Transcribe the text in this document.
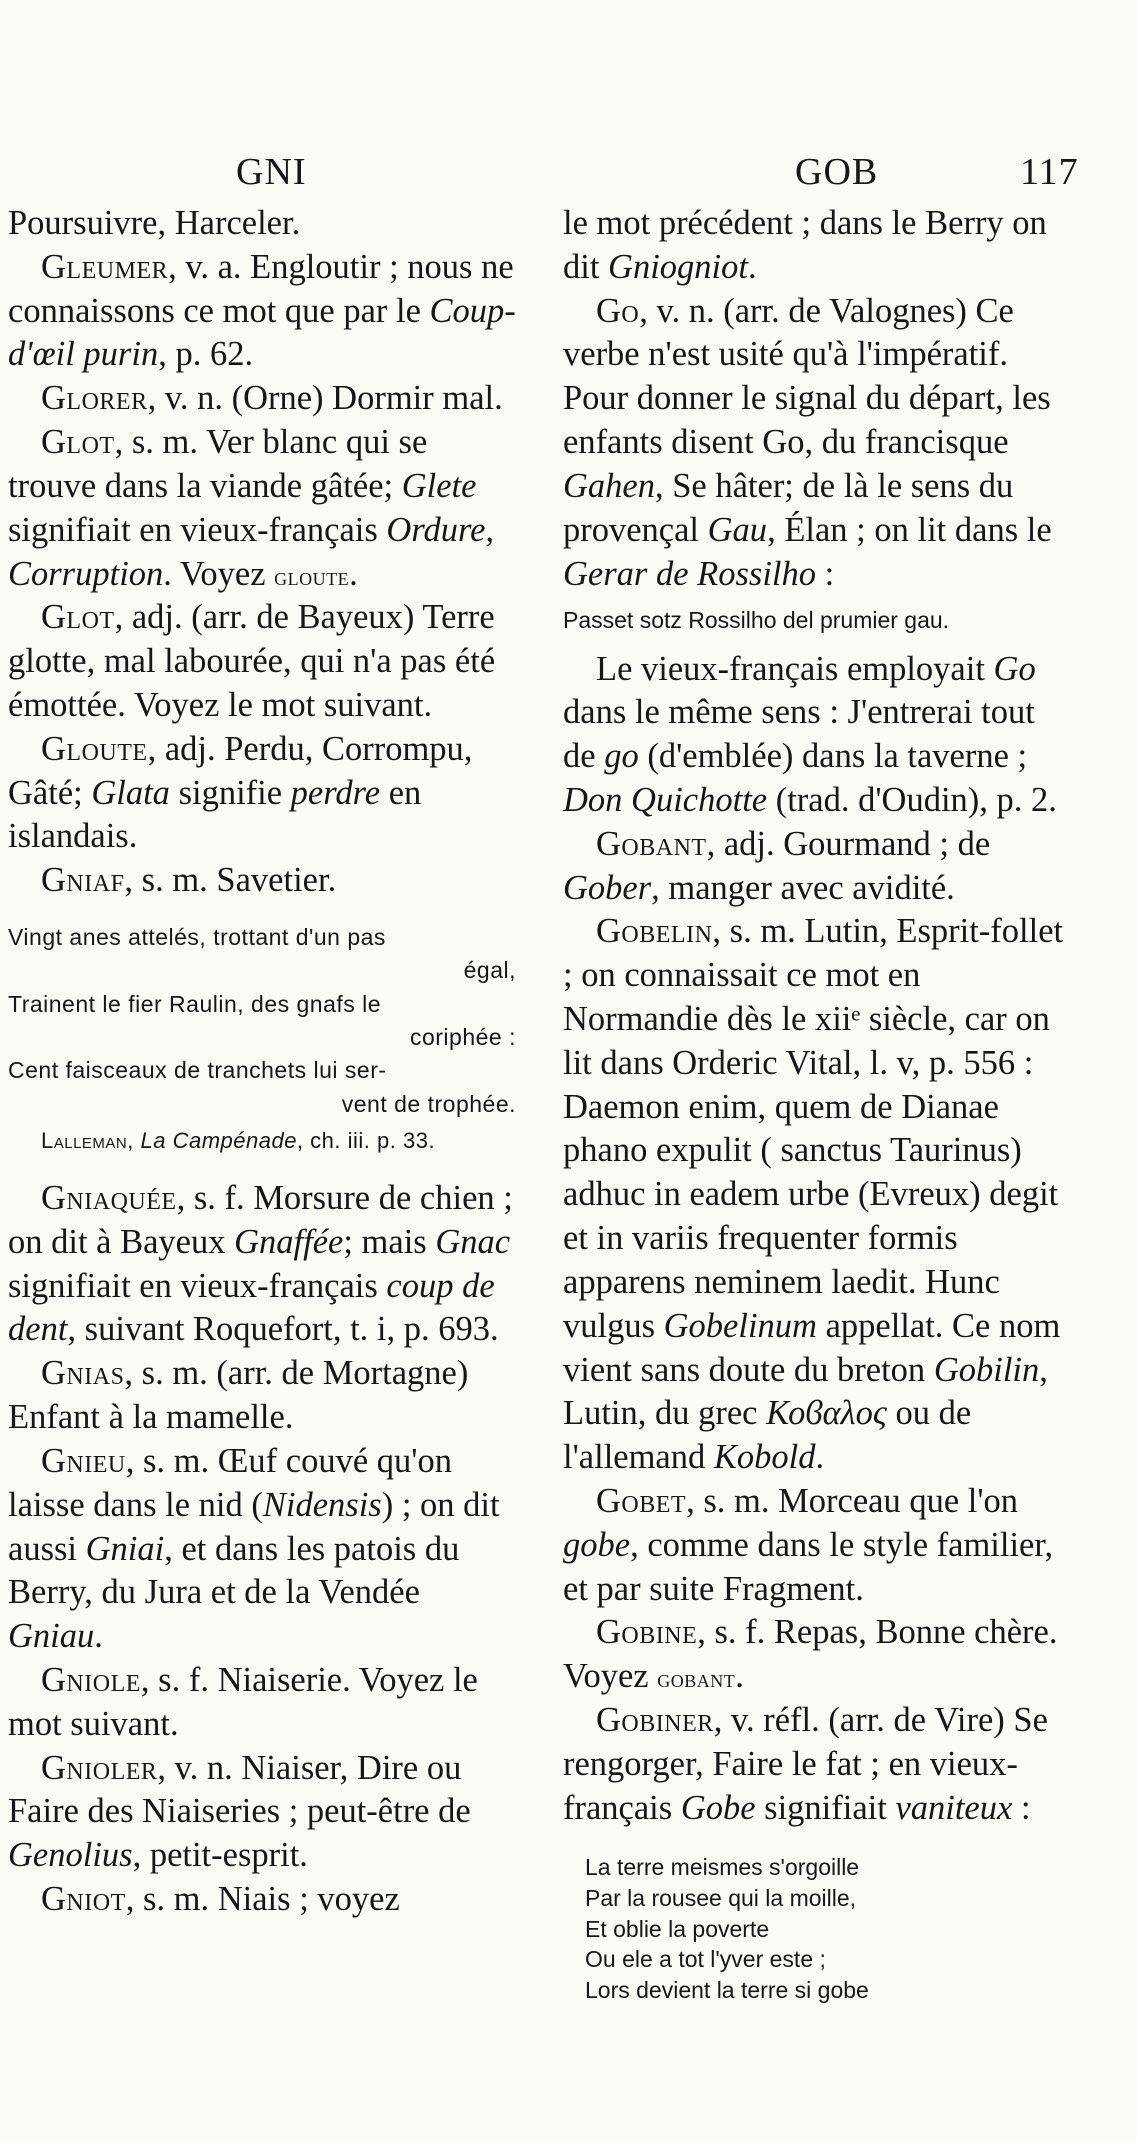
GNI	GOB	117

Poursuivre, Harceler.

Gleumer, v. a. Engloutir ; nous ne connaissons ce mot que par le Coup-d'œil purin, p. 62.

Glorer, v. n. (Orne) Dormir mal.

Glot, s. m. Ver blanc qui se trouve dans la viande gâtée; Glete signifiait en vieux-français Ordure, Corruption. Voyez gloute.

Glot, adj. (arr. de Bayeux) Terre glotte, mal labourée, qui n'a pas été émottée. Voyez le mot suivant.

Gloute, adj. Perdu, Corrompu, Gâté; Glata signifie perdre en islandais.

Gniaf, s. m. Savetier.

Vingt anes attelés, trottant d'un pas
égal,
Trainent le fier Raulin, des gnafs le
coriphée :
Cent faisceaux de tranchets lui ser-
vent de trophée.

Lalleman, La Campénade, ch. iii. p. 33.

Gniaquée, s. f. Morsure de chien ; on dit à Bayeux Gnaffée; mais Gnac signifiait en vieux-français coup de dent, suivant Roquefort, t. i, p. 693.

Gnias, s. m. (arr. de Mortagne) Enfant à la mamelle.

Gnieu, s. m. Œuf couvé qu'on laisse dans le nid (Nidensis) ; on dit aussi Gniai, et dans les patois du Berry, du Jura et de la Vendée Gniau.

Gniole, s. f. Niaiserie. Voyez le mot suivant.

Gnioler, v. n. Niaiser, Dire ou Faire des Niaiseries ; peut-être de Genolius, petit-esprit.

Gniot, s. m. Niais ; voyez

le mot précédent ; dans le Berry on dit Gniogniot.

Go, v. n. (arr. de Valognes) Ce verbe n'est usité qu'à l'impératif. Pour donner le signal du départ, les enfants disent Go, du francisque Gahen, Se hâter; de là le sens du provençal Gau, Élan ; on lit dans le Gerar de Rossilho :

Passet sotz Rossilho del prumier gau.

Le vieux-français employait Go dans le même sens : J'entrerai tout de go (d'emblée) dans la taverne ; Don Quichotte (trad. d'Oudin), p. 2.

Gobant, adj. Gourmand ; de Gober, manger avec avidité.

Gobelin, s. m. Lutin, Esprit-follet ; on connaissait ce mot en Normandie dès le xiiᵉ siècle, car on lit dans Orderic Vital, l. v, p. 556 : Daemon enim, quem de Dianae phano expulit ( sanctus Taurinus) adhuc in eadem urbe (Evreux) degit et in variis frequenter formis apparens neminem laedit. Hunc vulgus Gobelinum appellat. Ce nom vient sans doute du breton Gobilin, Lutin, du grec Κοϐαλος ou de l'allemand Kobold.

Gobet, s. m. Morceau que l'on gobe, comme dans le style familier, et par suite Fragment.

Gobine, s. f. Repas, Bonne chère. Voyez gobant.

Gobiner, v. réfl. (arr. de Vire) Se rengorger, Faire le fat ; en vieux-français Gobe signifiait vaniteux :

La terre meismes s'orgoille
Par la rousee qui la moille,
Et oblie la poverte
Ou ele a tot l'yver este ;
Lors devient la terre si gobe
